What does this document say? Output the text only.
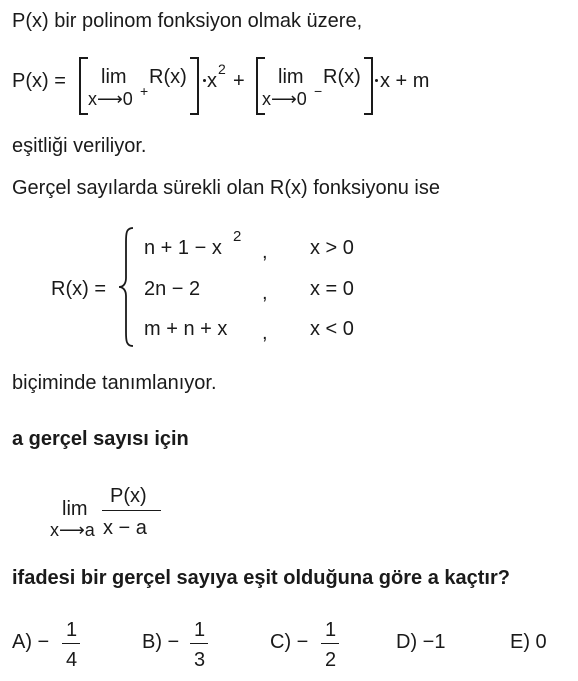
P(x) bir polinom fonksiyon olmak üzere,
P(x) = lim
x⟶0 +
R(x) x
2
+ lim
x⟶0 −
R(x) x + m
eşitliği veriliyor.
Gerçel sayılarda sürekli olan R(x) fonksiyonu ise
R(x) =
n + 1 − x
2
, x > 0
2n − 2	, x = 0
m + n + x , x < 0
biçiminde tanımlanıyor.
a gerçel sayısı için
lim
x⟶a
P(x)
x − a
ifadesi bir gerçel sayıya eşit olduğuna göre a kaçtır?
A) −
1
4
B) −
1
3
C) −
1
2
D) −1	E) 0
